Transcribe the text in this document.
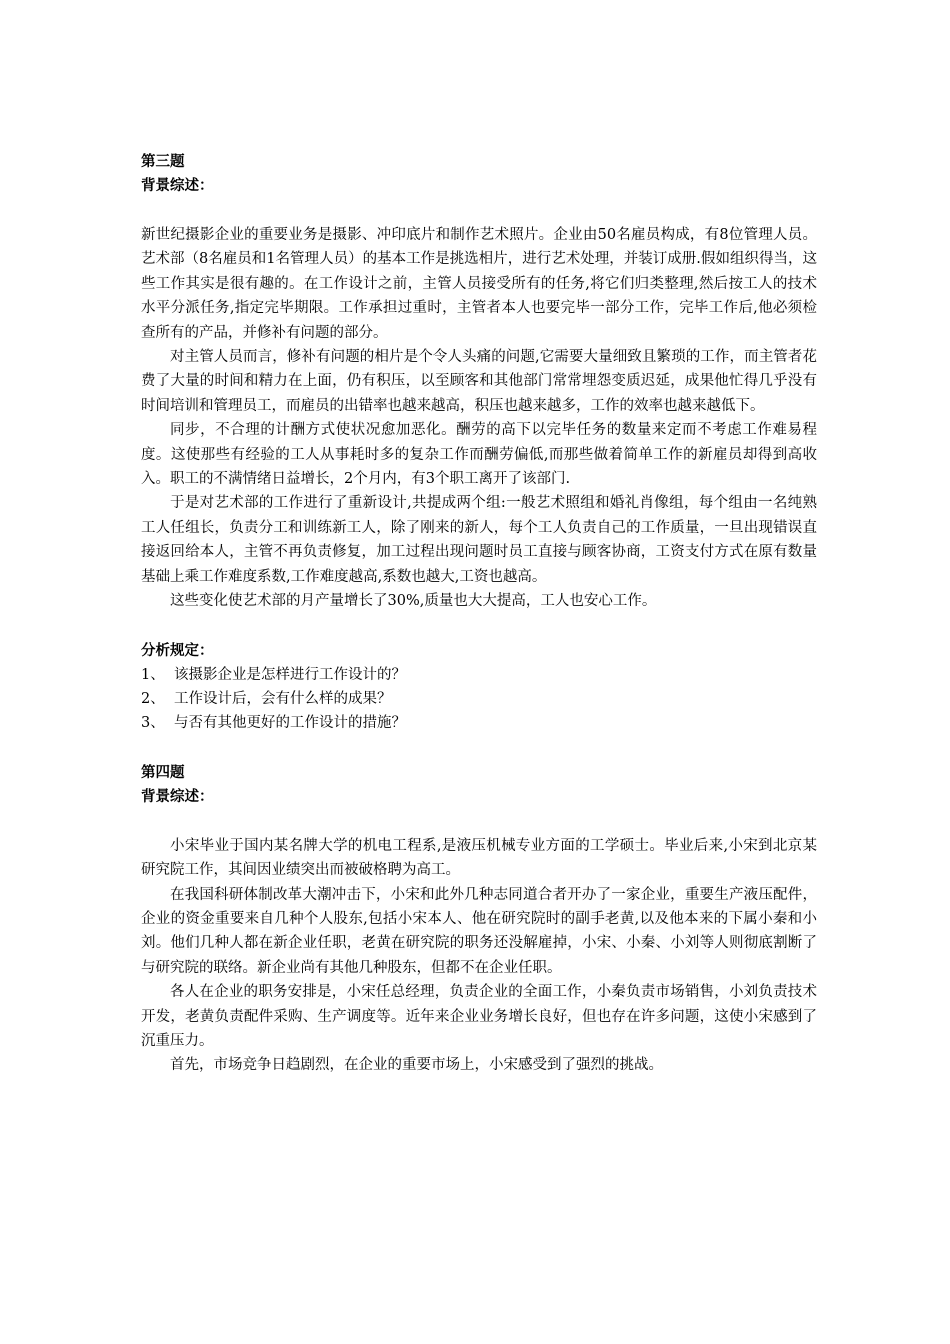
第三题
背景综述：

新世纪摄影企业的重要业务是摄影、冲印底片和制作艺术照片。企业由50名雇员构成，有8位管理人员。艺术部（8名雇员和1名管理人员）的基本工作是挑选相片，进行艺术处理，并装订成册.假如组织得当，这些工作其实是很有趣的。在工作设计之前，主管人员接受所有的任务,将它们归类整理,然后按工人的技术水平分派任务,指定完毕期限。工作承担过重时，主管者本人也要完毕一部分工作，完毕工作后,他必须检查所有的产品，并修补有问题的部分。

对主管人员而言，修补有问题的相片是个令人头痛的问题,它需要大量细致且繁琐的工作，而主管者花费了大量的时间和精力在上面，仍有积压，以至顾客和其他部门常常埋怨变质迟延，成果他忙得几乎没有时间培训和管理员工，而雇员的出错率也越来越高，积压也越来越多，工作的效率也越来越低下。

同步，不合理的计酬方式使状况愈加恶化。酬劳的高下以完毕任务的数量来定而不考虑工作难易程度。这使那些有经验的工人从事耗时多的复杂工作而酬劳偏低,而那些做着简单工作的新雇员却得到高收入。职工的不满情绪日益增长，2个月内，有3个职工离开了该部门.

于是对艺术部的工作进行了重新设计,共提成两个组:一般艺术照组和婚礼肖像组，每个组由一名纯熟工人任组长，负责分工和训练新工人，除了刚来的新人，每个工人负责自己的工作质量，一旦出现错误直接返回给本人，主管不再负责修复，加工过程出现问题时员工直接与顾客协商，工资支付方式在原有数量基础上乘工作难度系数,工作难度越高,系数也越大,工资也越高。

这些变化使艺术部的月产量增长了30%,质量也大大提高，工人也安心工作。

分析规定：
1、 该摄影企业是怎样进行工作设计的？
2、 工作设计后，会有什么样的成果？
3、 与否有其他更好的工作设计的措施？
第四题
背景综述：

小宋毕业于国内某名牌大学的机电工程系,是液压机械专业方面的工学硕士。毕业后来,小宋到北京某研究院工作，其间因业绩突出而被破格聘为高工。

在我国科研体制改革大潮冲击下，小宋和此外几种志同道合者开办了一家企业，重要生产液压配件，企业的资金重要来自几种个人股东,包括小宋本人、他在研究院时的副手老黄,以及他本来的下属小秦和小刘。他们几种人都在新企业任职，老黄在研究院的职务还没解雇掉，小宋、小秦、小刘等人则彻底割断了与研究院的联络。新企业尚有其他几种股东，但都不在企业任职。

各人在企业的职务安排是，小宋任总经理，负责企业的全面工作，小秦负责市场销售，小刘负责技术开发，老黄负责配件采购、生产调度等。近年来企业业务增长良好，但也存在许多问题，这使小宋感到了沉重压力。

首先，市场竞争日趋剧烈，在企业的重要市场上，小宋感受到了强烈的挑战。
